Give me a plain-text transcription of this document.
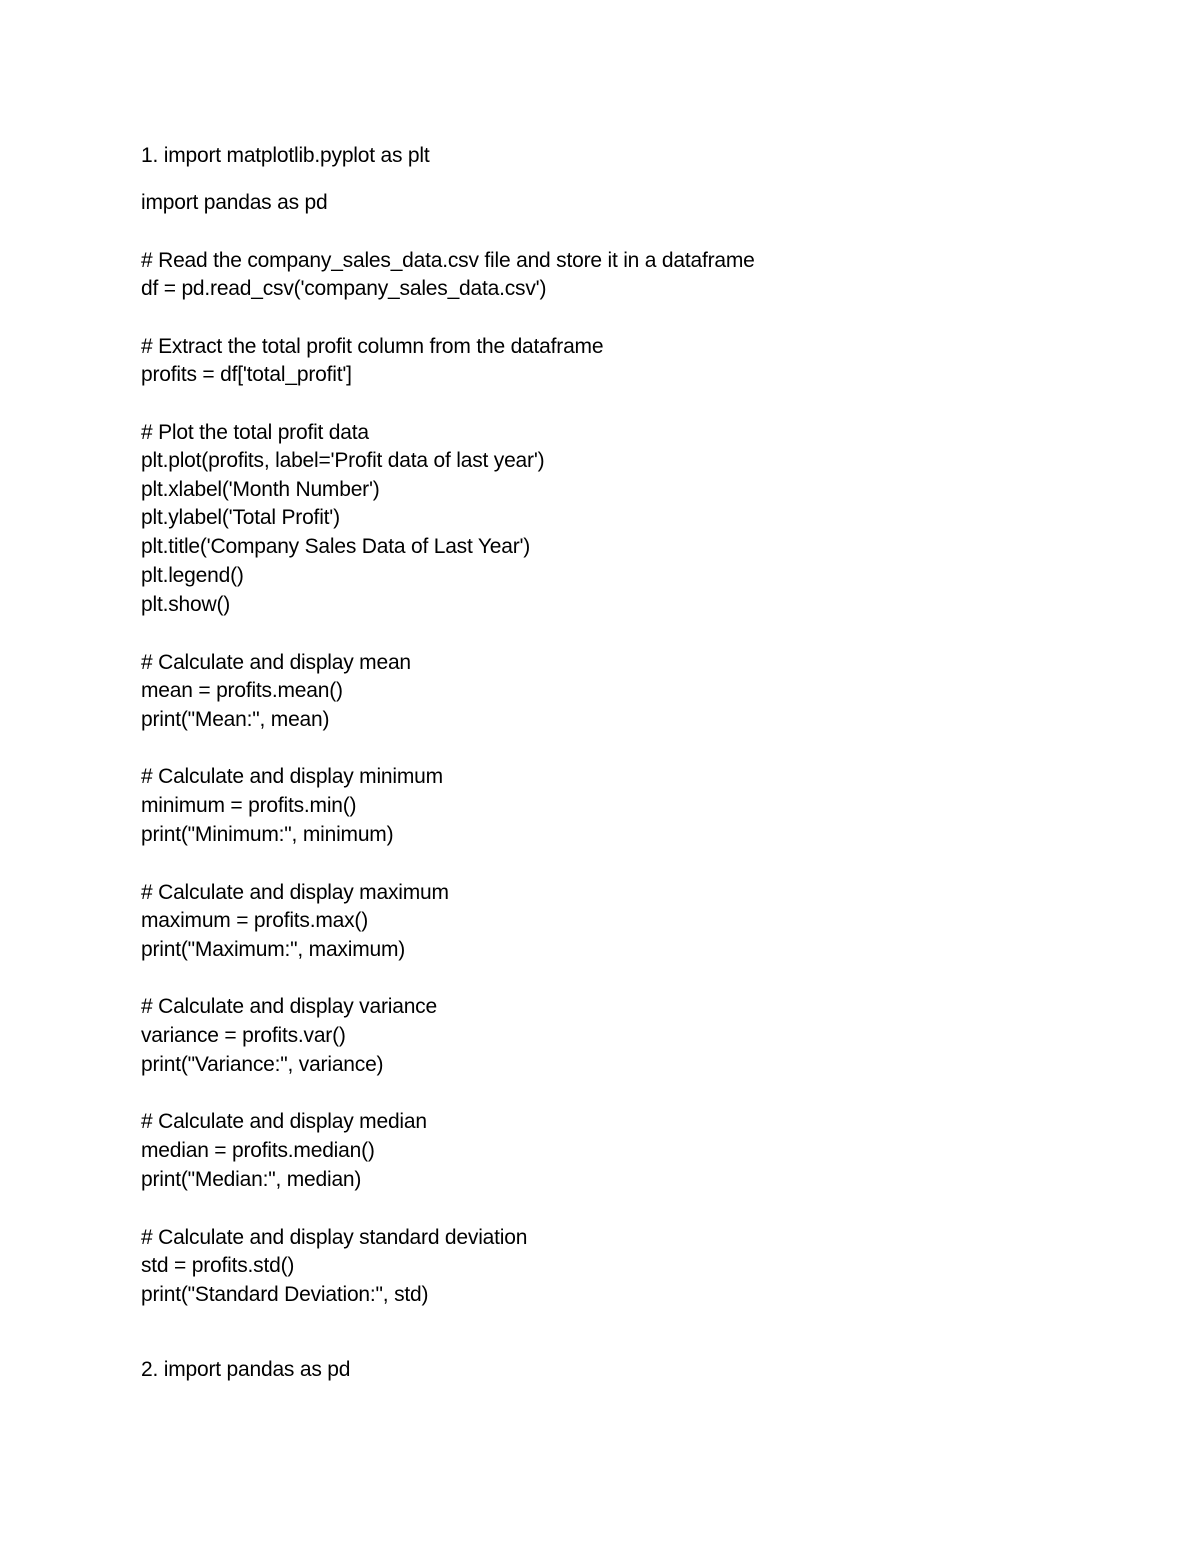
1. import matplotlib.pyplot as plt
import pandas as pd
# Read the company_sales_data.csv file and store it in a dataframe
df = pd.read_csv('company_sales_data.csv')
# Extract the total profit column from the dataframe
profits = df['total_profit']
# Plot the total profit data
plt.plot(profits, label='Profit data of last year')
plt.xlabel('Month Number')
plt.ylabel('Total Profit')
plt.title('Company Sales Data of Last Year')
plt.legend()
plt.show()
# Calculate and display mean
mean = profits.mean()
print("Mean:", mean)
# Calculate and display minimum
minimum = profits.min()
print("Minimum:", minimum)
# Calculate and display maximum
maximum = profits.max()
print("Maximum:", maximum)
# Calculate and display variance
variance = profits.var()
print("Variance:", variance)
# Calculate and display median
median = profits.median()
print("Median:", median)
# Calculate and display standard deviation
std = profits.std()
print("Standard Deviation:", std)
2. import pandas as pd
